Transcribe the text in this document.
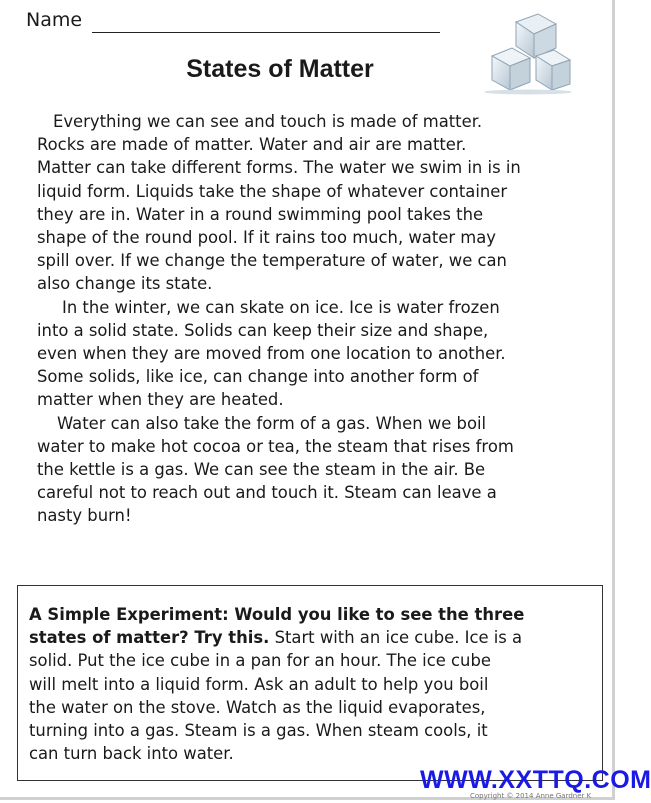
Name
States of Matter

Everything we can see and touch is made of matter.

Rocks are made of matter. Water and air are matter.

Matter can take different forms. The water we swim in is in

liquid form. Liquids take the shape of whatever container

they are in. Water in a round swimming pool takes the

shape of the round pool. If it rains too much, water may

spill over. If we change the temperature of water, we can

also change its state.

In the winter, we can skate on ice. Ice is water frozen

into a solid state. Solids can keep their size and shape,

even when they are moved from one location to another.

Some solids, like ice, can change into another form of

matter when they are heated.

Water can also take the form of a gas. When we boil

water to make hot cocoa or tea, the steam that rises from

the kettle is a gas. We can see the steam in the air. Be

careful not to reach out and touch it. Steam can leave a

nasty burn!

A Simple Experiment: Would you like to see the three
states of matter? Try this. Start with an ice cube. Ice is a
solid. Put the ice cube in a pan for an hour. The ice cube
will melt into a liquid form. Ask an adult to help you boil
the water on the stove. Watch as the liquid evaporates,
turning into a gas. Steam is a gas. When steam cools, it
can turn back into water.
WWW.XXTTQ.COM
Copyright © 2014 Anne Gardner K
